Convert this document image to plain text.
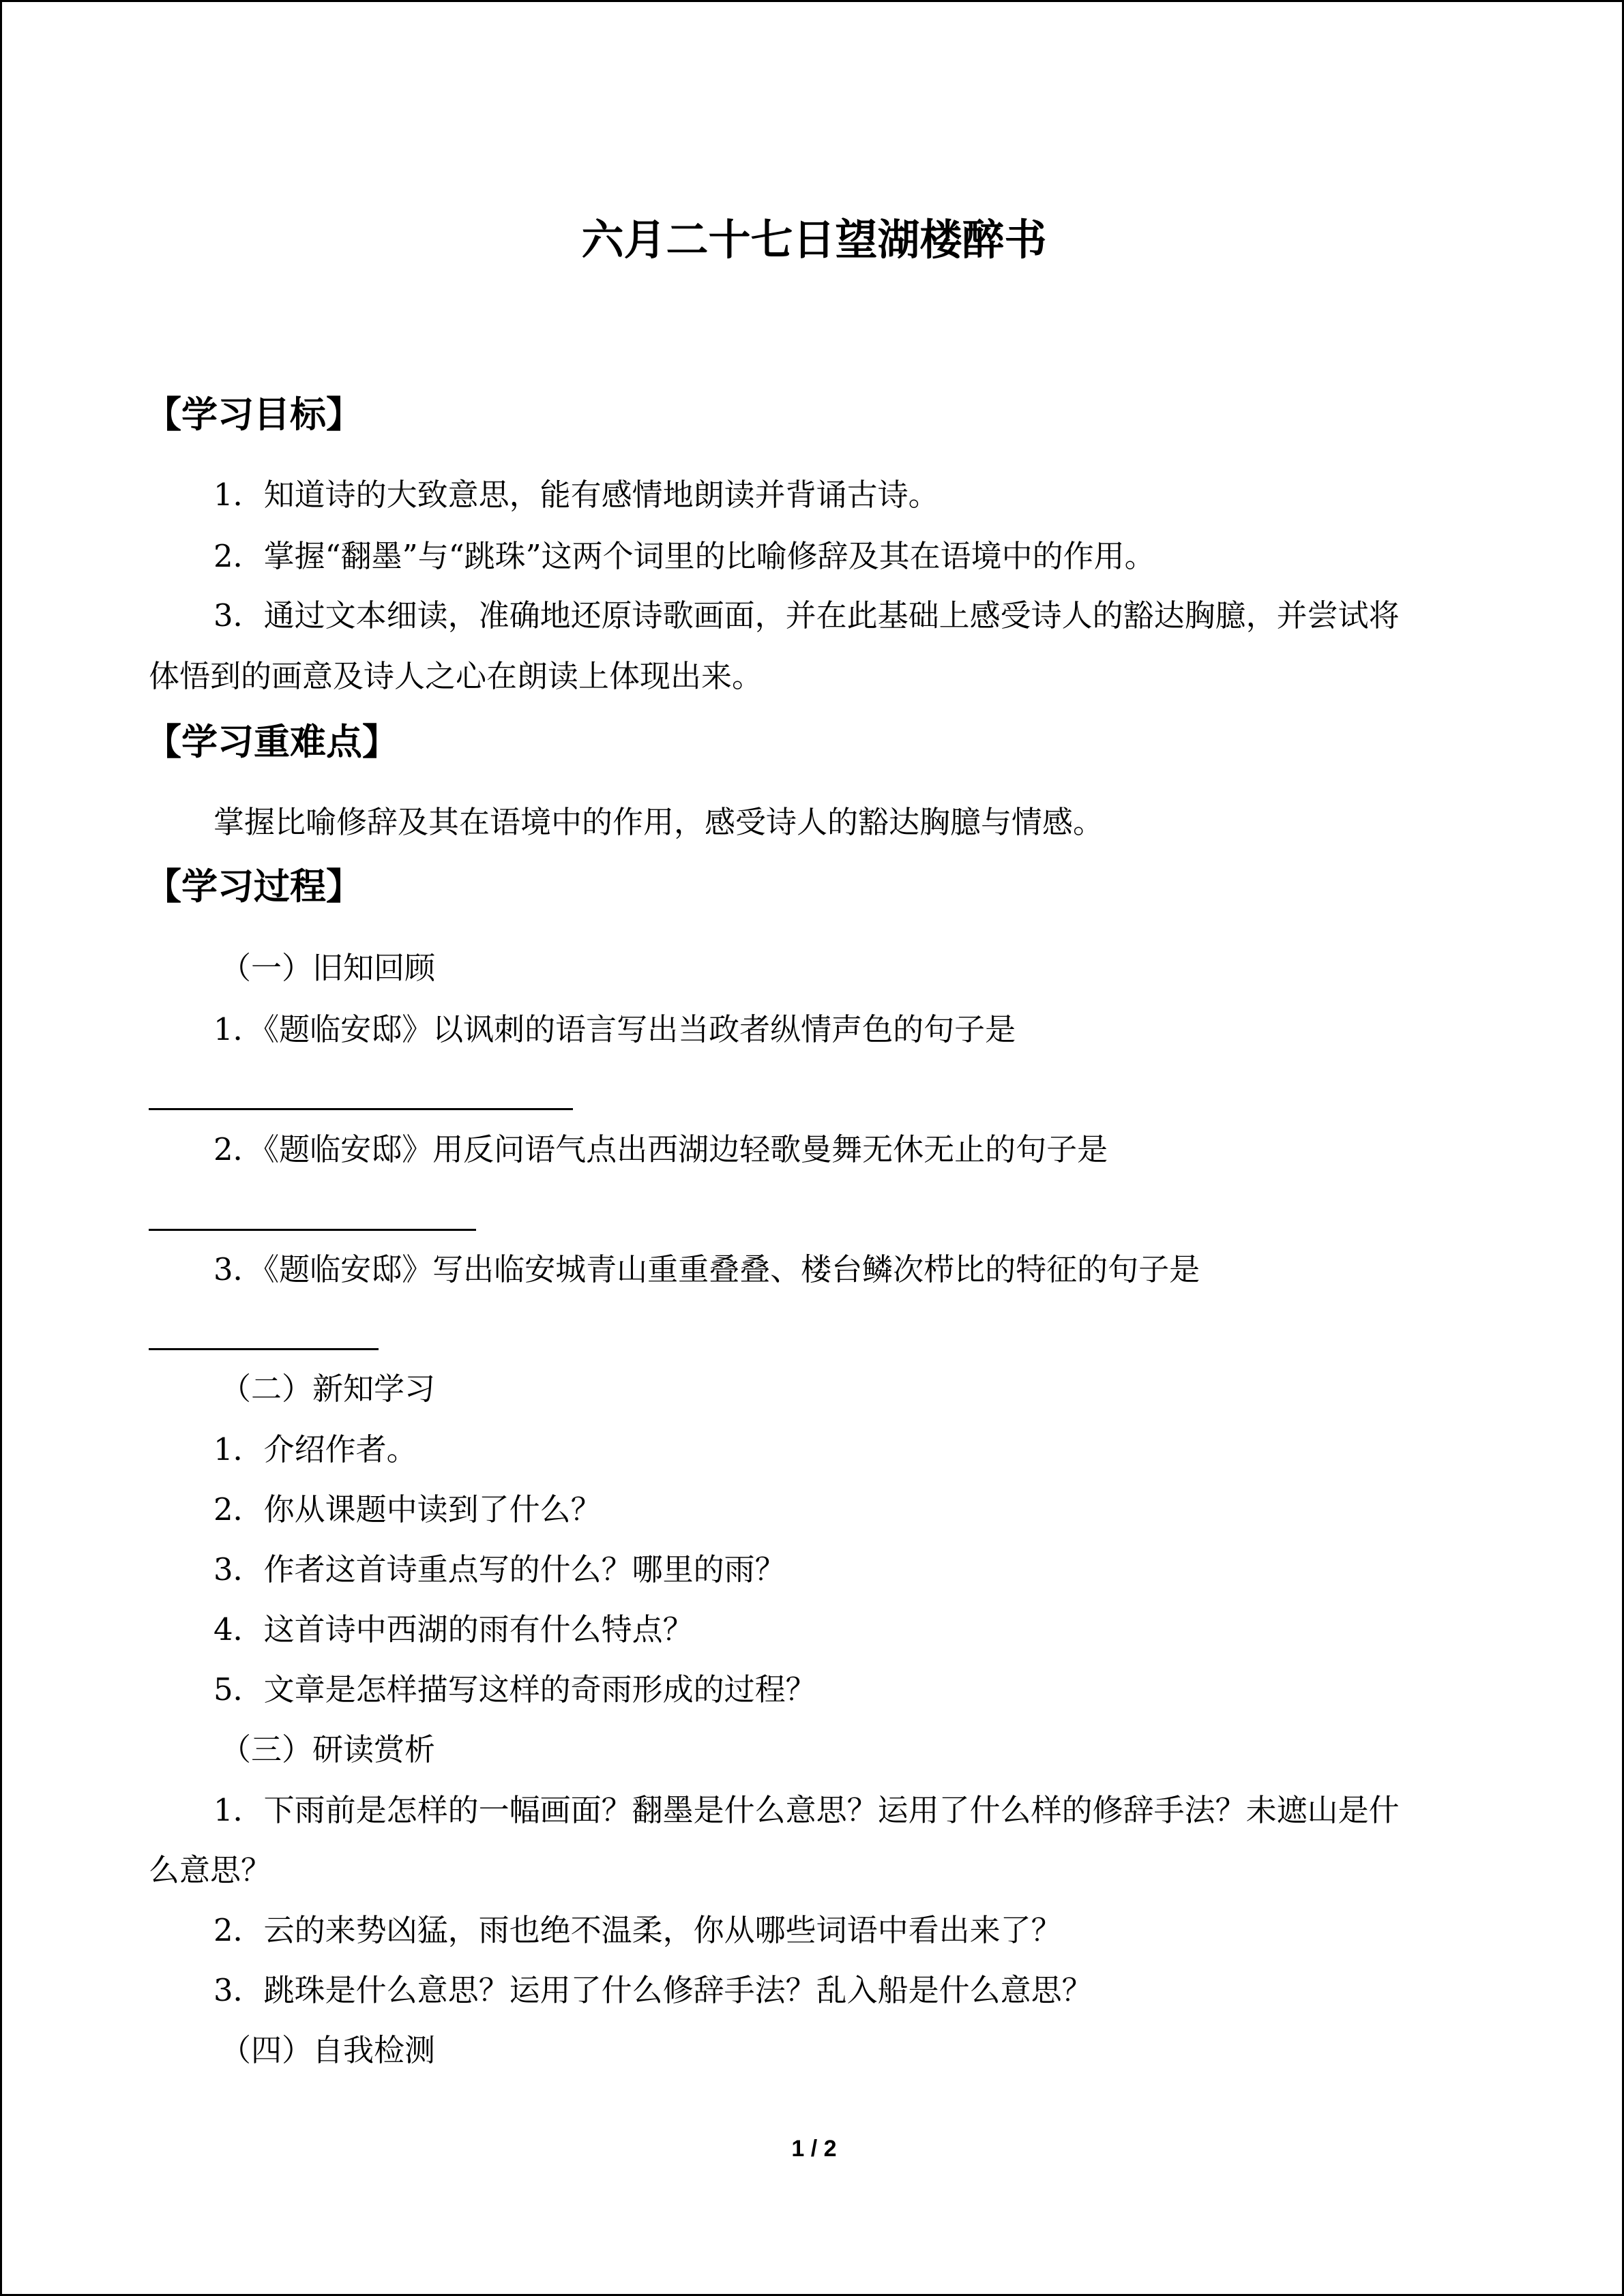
六月二十七日望湖楼醉书
【学习目标】

1．知道诗的大致意思，能有感情地朗读并背诵古诗。

2．掌握“翻墨”与“跳珠”这两个词里的比喻修辞及其在语境中的作用。

3．通过文本细读，准确地还原诗歌画面，并在此基础上感受诗人的豁达胸臆，并尝试将

体悟到的画意及诗人之心在朗读上体现出来。

【学习重难点】

掌握比喻修辞及其在语境中的作用，感受诗人的豁达胸臆与情感。

【学习过程】

（一）旧知回顾

1．《题临安邸》以讽刺的语言写出当政者纵情声色的句子是

2．《题临安邸》用反问语气点出西湖边轻歌曼舞无休无止的句子是

3．《题临安邸》写出临安城青山重重叠叠、楼台鳞次栉比的特征的句子是

（二）新知学习

1．介绍作者。

2．你从课题中读到了什么？

3．作者这首诗重点写的什么？哪里的雨？

4．这首诗中西湖的雨有什么特点？

5．文章是怎样描写这样的奇雨形成的过程？

（三）研读赏析

1．下雨前是怎样的一幅画面？翻墨是什么意思？运用了什么样的修辞手法？未遮山是什

么意思？

2．云的来势凶猛，雨也绝不温柔，你从哪些词语中看出来了？

3．跳珠是什么意思？运用了什么修辞手法？乱入船是什么意思？

（四）自我检测

1 / 2
